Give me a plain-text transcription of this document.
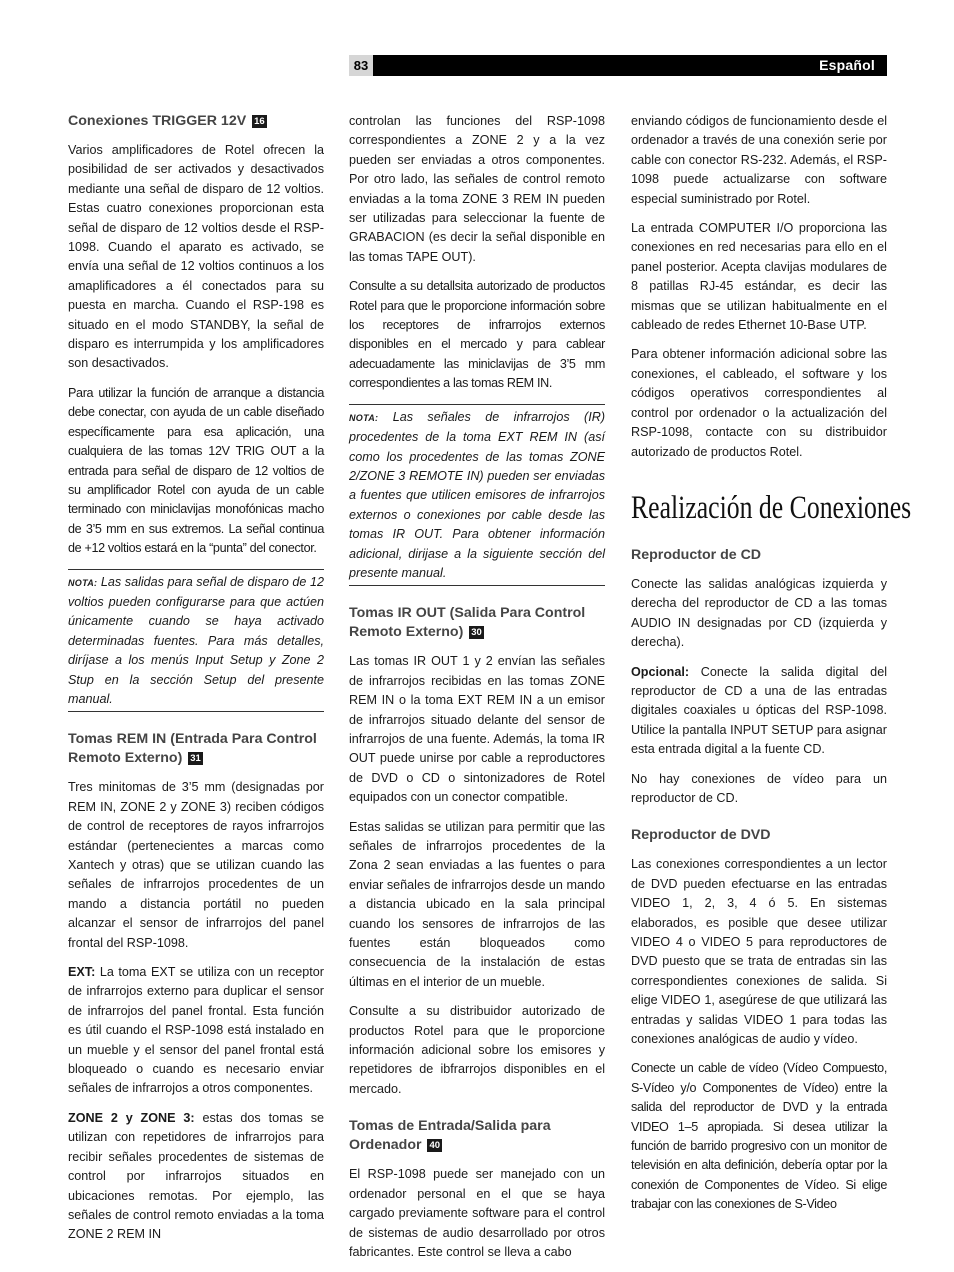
83	Español
Conexiones TRIGGER 12V 16

Varios amplificadores de Rotel ofrecen la posibilidad de ser activados y desactivados mediante una señal de disparo de 12 voltios. Estas cuatro conexiones proporcionan esta señal de disparo de 12 voltios desde el RSP-1098. Cuando el aparato es activado, se envía una señal de 12 voltios continuos a los amaplificadores a él conectados para su puesta en marcha. Cuando el RSP-198 es situado en el modo STANDBY, la señal de disparo es interrumpida y los amplificadores son desactivados.

Para utilizar la función de arranque a distancia debe conectar, con ayuda de un cable diseñado específicamente para esa aplicación, una cualquiera de las tomas 12V TRIG OUT a la entrada para señal de disparo de 12 voltios de su amplificador Rotel con ayuda de un cable terminado con miniclavijas monofónicas macho de 3’5 mm en sus extremos. La señal continua de +12 voltios estará en la “punta” del conector.

NOTA: Las salidas para señal de disparo de 12 voltios pueden configurarse para que actúen únicamente cuando se haya activado determinadas fuentes. Para más detalles, diríjase a los menús Input Setup y Zone 2 Stup en la sección Setup del presente manual.
Tomas REM IN (Entrada Para Control Remoto Externo) 31

Tres minitomas de 3’5 mm (designadas por REM IN, ZONE 2 y ZONE 3) reciben códigos de control de receptores de rayos infrarrojos estándar (pertenecientes a marcas como Xantech y otras) que se utilizan cuando las señales de infrarrojos procedentes de un mando a distancia portátil no pueden alcanzar el sensor de infrarrojos del panel frontal del RSP-1098.

EXT: La toma EXT se utiliza con un receptor de infrarrojos externo para duplicar el sensor de infrarrojos del panel frontal. Esta función es útil cuando el RSP-1098 está instalado en un mueble y el sensor del panel frontal está bloqueado o cuando es necesario enviar señales de infrarrojos a otros componentes.

ZONE 2 y ZONE 3: estas dos tomas se utilizan con repetidores de infrarrojos para recibir señales procedentes de sistemas de control por infrarrojos situados en ubicaciones remotas. Por ejemplo, las señales de control remoto enviadas a la toma ZONE 2 REM IN

controlan las funciones del RSP-1098 correspondientes a ZONE 2 y a la vez pueden ser enviadas a otros componentes. Por otro lado, las señales de control remoto enviadas a la toma ZONE 3 REM IN pueden ser utilizadas para seleccionar la fuente de GRABACION (es decir la señal disponible en las tomas TAPE OUT).

Consulte a su detallsita autorizado de productos Rotel para que le proporcione información sobre los receptores de infrarrojos externos disponibles en el mercado y para cablear adecuadamente las miniclavijas de 3’5 mm correspondientes a las tomas REM IN.

NOTA: Las señales de infrarrojos (IR) procedentes de la toma EXT REM IN (así como los procedentes de las tomas ZONE 2/ZONE 3 REMOTE IN) pueden ser enviadas a fuentes que utilicen emisores de infrarrojos externos o conexiones por cable desde las tomas IR OUT. Para obtener información adicional, dirijase a la siguiente sección del presente manual.
Tomas IR OUT (Salida Para Control Remoto Externo) 30

Las tomas IR OUT 1 y 2 envían las señales de infrarrojos recibidas en las tomas ZONE REM IN o la toma EXT REM IN a un emisor de infrarrojos situado delante del sensor de infrarrojos de una fuente. Además, la toma IR OUT puede unirse por cable a reproductores de DVD o CD o sintonizadores de Rotel equipados con un conector compatible.

Estas salidas se utilizan para permitir que las señales de infrarrojos procedentes de la Zona 2 sean enviadas a las fuentes o para enviar señales de infrarrojos desde un mando a distancia ubicado en la sala principal cuando los sensores de infrarrojos de las fuentes están bloqueados como consecuencia de la instalación de estas últimas en el interior de un mueble.

Consulte a su distribuidor autorizado de productos Rotel para que le proporcione información adicional sobre los emisores y repetidores de ibfrarrojos disponibles en el mercado.

Tomas de Entrada/Salida para Ordenador 40

El RSP-1098 puede ser manejado con un ordenador personal en el que se haya cargado previamente software para el control de sistemas de audio desarrollado por otros fabricantes. Este control se lleva a cabo

enviando códigos de funcionamiento desde el ordenador a través de una conexión serie por cable con conector RS-232. Además, el RSP-1098 puede actualizarse con software especial suministrado por Rotel.

La entrada COMPUTER I/O proporciona las conexiones en red necesarias para ello en el panel posterior. Acepta clavijas modulares de 8 patillas RJ-45 estándar, es decir las mismas que se utilizan habitualmente en el cableado de redes Ethernet 10-Base UTP.

Para obtener información adicional sobre las conexiones, el cableado, el software y los códigos operativos correspondientes al control por ordenador o la actualización del RSP-1098, contacte con su distribuidor autorizado de productos Rotel.

Realización de Conexiones
Reproductor de CD

Conecte las salidas analógicas izquierda y derecha del reproductor de CD a las tomas AUDIO IN designadas por CD (izquierda y derecha).

Opcional: Conecte la salida digital del reproductor de CD a una de las entradas digitales coaxiales u ópticas del RSP-1098. Utilice la pantalla INPUT SETUP para asignar esta entrada digital a la fuente CD.

No hay conexiones de vídeo para un reproductor de CD.

Reproductor de DVD

Las conexiones correspondientes a un lector de DVD pueden efectuarse en las entradas VIDEO 1, 2, 3, 4 ó 5. En sistemas elaborados, es posible que desee utilizar VIDEO 4 o VIDEO 5 para reproductores de DVD puesto que se trata de entradas sin las correspondientes conexiones de salida. Si elige VIDEO 1, asegúrese de que utilizará las entradas y salidas VIDEO 1 para todas las conexiones analógicas de audio y vídeo.

Conecte un cable de vídeo (Vídeo Compuesto, S-Vídeo y/o Componentes de Vídeo) entre la salida del reproductor de DVD y la entrada VIDEO 1–5 apropiada. Si desea utilizar la función de barrido progresivo con un monitor de televisión en alta definición, debería optar por la conexión de Componentes de Vídeo. Si elige trabajar con las conexiones de S-Video
